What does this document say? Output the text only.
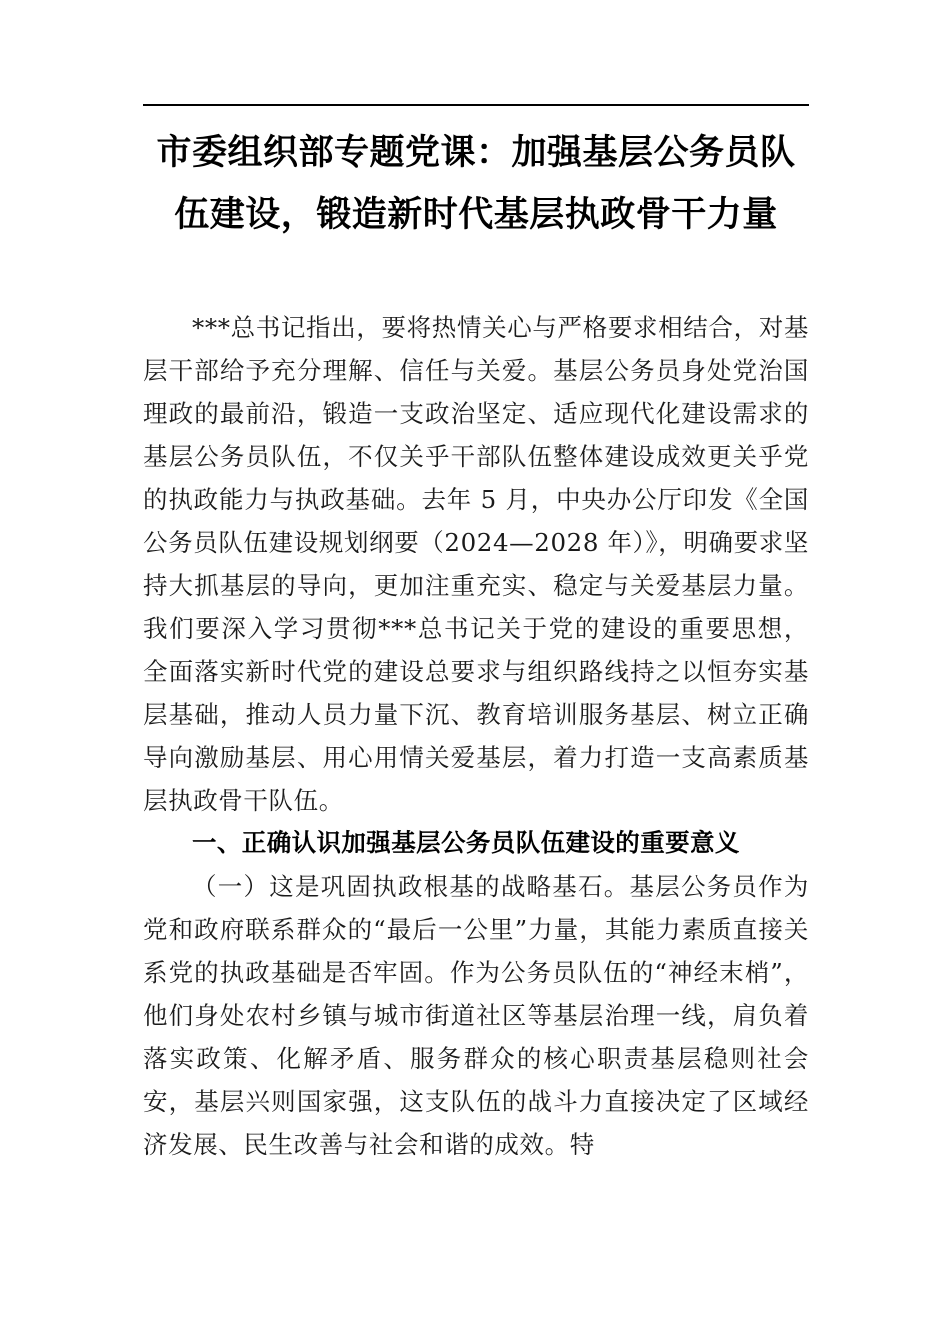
市委组织部专题党课：加强基层公务员队伍建设，锻造新时代基层执政骨干力量

***总书记指出，要将热情关心与严格要求相结合，对基层干部给予充分理解、信任与关爱。基层公务员身处党治国理政的最前沿，锻造一支政治坚定、适应现代化建设需求的基层公务员队伍，不仅关乎干部队伍整体建设成效更关乎党的执政能力与执政基础。去年 5 月，中央办公厅印发《全国公务员队伍建设规划纲要（2024—2028 年）》，明确要求坚持大抓基层的导向，更加注重充实、稳定与关爱基层力量。我们要深入学习贯彻***总书记关于党的建设的重要思想，全面落实新时代党的建设总要求与组织路线持之以恒夯实基层基础，推动人员力量下沉、教育培训服务基层、树立正确导向激励基层、用心用情关爱基层，着力打造一支高素质基层执政骨干队伍。

一、正确认识加强基层公务员队伍建设的重要意义

（一）这是巩固执政根基的战略基石。基层公务员作为党和政府联系群众的“最后一公里”力量，其能力素质直接关系党的执政基础是否牢固。作为公务员队伍的“神经末梢”，他们身处农村乡镇与城市街道社区等基层治理一线，肩负着落实政策、化解矛盾、服务群众的核心职责基层稳则社会安，基层兴则国家强，这支队伍的战斗力直接决定了区域经济发展、民生改善与社会和谐的成效。特
